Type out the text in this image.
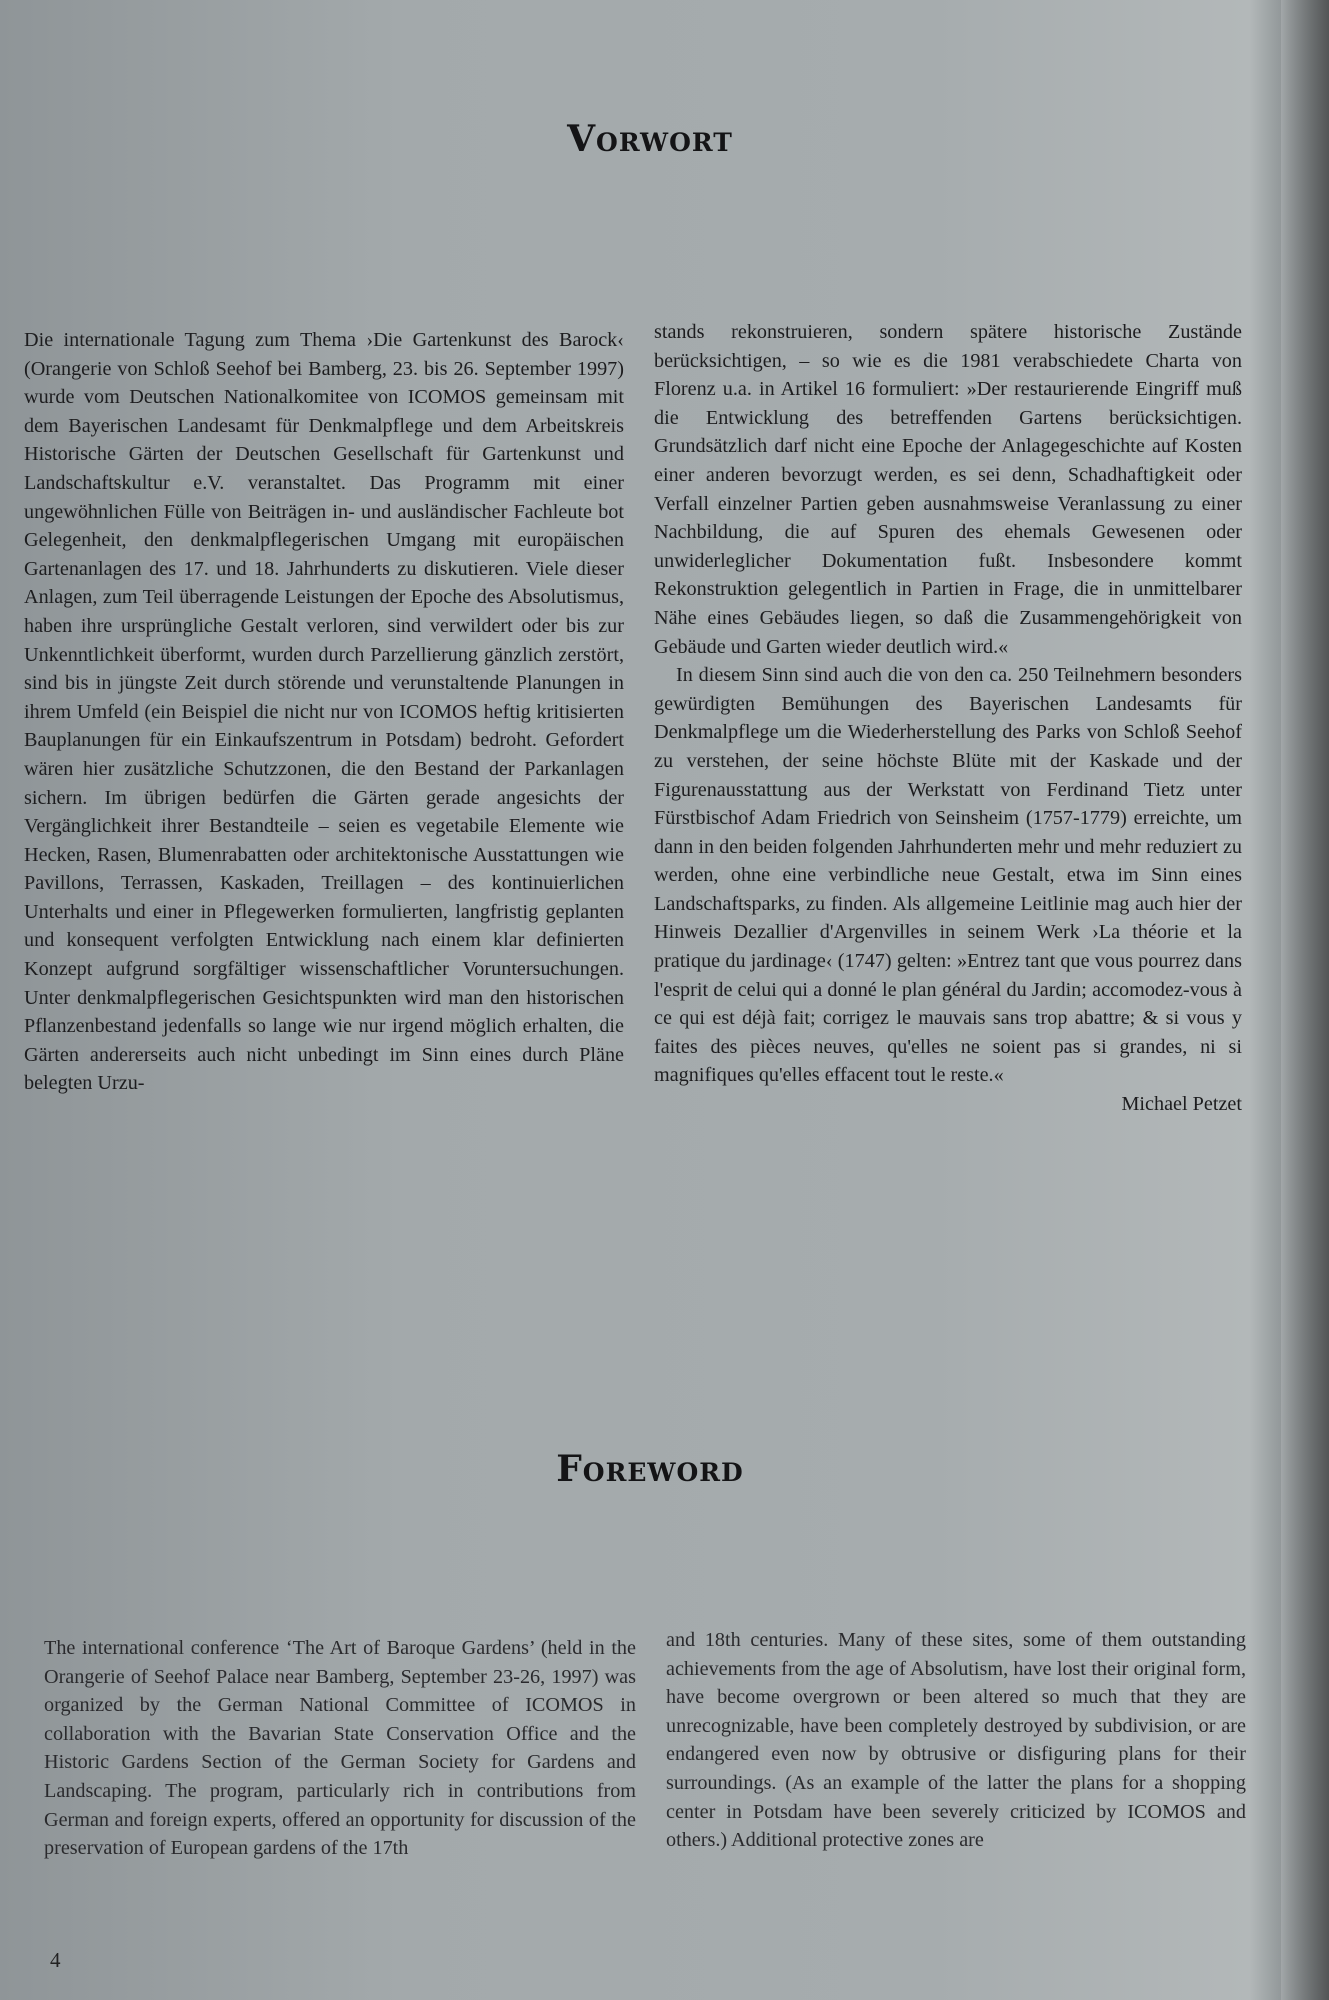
Vorwort

Die internationale Tagung zum Thema ›Die Gartenkunst des Barock‹ (Orangerie von Schloß Seehof bei Bamberg, 23. bis 26. September 1997) wurde vom Deutschen Nationalkomitee von ICOMOS gemeinsam mit dem Bayerischen Landesamt für Denkmalpflege und dem Arbeitskreis Historische Gärten der Deutschen Gesellschaft für Gartenkunst und Landschaftskultur e.V. veranstaltet. Das Programm mit einer ungewöhnlichen Fülle von Beiträgen in- und ausländischer Fachleute bot Gelegenheit, den denkmalpflegerischen Umgang mit europäischen Gartenanlagen des 17. und 18. Jahrhunderts zu diskutieren. Viele dieser Anlagen, zum Teil überragende Leistungen der Epoche des Absolutismus, haben ihre ursprüngliche Gestalt verloren, sind verwildert oder bis zur Unkenntlichkeit überformt, wurden durch Parzellierung gänzlich zerstört, sind bis in jüngste Zeit durch störende und verunstaltende Planungen in ihrem Umfeld (ein Beispiel die nicht nur von ICOMOS heftig kritisierten Bauplanungen für ein Einkaufszentrum in Potsdam) bedroht. Gefordert wären hier zusätzliche Schutzzonen, die den Bestand der Parkanlagen sichern. Im übrigen bedürfen die Gärten gerade angesichts der Vergänglichkeit ihrer Bestandteile – seien es vegetabile Elemente wie Hecken, Rasen, Blumenrabatten oder architektonische Ausstattungen wie Pavillons, Terrassen, Kaskaden, Treillagen – des kontinuierlichen Unterhalts und einer in Pflegewerken formulierten, langfristig geplanten und konsequent verfolgten Entwicklung nach einem klar definierten Konzept aufgrund sorgfältiger wissenschaftlicher Voruntersuchungen. Unter denkmalpflegerischen Gesichtspunkten wird man den historischen Pflanzenbestand jedenfalls so lange wie nur irgend möglich erhalten, die Gärten andererseits auch nicht unbedingt im Sinn eines durch Pläne belegten Urzu-

stands rekonstruieren, sondern spätere historische Zustände berücksichtigen, – so wie es die 1981 verabschiedete Charta von Florenz u.a. in Artikel 16 formuliert: »Der restaurierende Eingriff muß die Entwicklung des betreffenden Gartens berücksichtigen. Grundsätzlich darf nicht eine Epoche der Anlagegeschichte auf Kosten einer anderen bevorzugt werden, es sei denn, Schadhaftigkeit oder Verfall einzelner Partien geben ausnahmsweise Veranlassung zu einer Nachbildung, die auf Spuren des ehemals Gewesenen oder unwiderleglicher Dokumentation fußt. Insbesondere kommt Rekonstruktion gelegentlich in Partien in Frage, die in unmittelbarer Nähe eines Gebäudes liegen, so daß die Zusammengehörigkeit von Gebäude und Garten wieder deutlich wird.«

In diesem Sinn sind auch die von den ca. 250 Teilnehmern besonders gewürdigten Bemühungen des Bayerischen Landesamts für Denkmalpflege um die Wiederherstellung des Parks von Schloß Seehof zu verstehen, der seine höchste Blüte mit der Kaskade und der Figurenausstattung aus der Werkstatt von Ferdinand Tietz unter Fürstbischof Adam Friedrich von Seinsheim (1757-1779) erreichte, um dann in den beiden folgenden Jahrhunderten mehr und mehr reduziert zu werden, ohne eine verbindliche neue Gestalt, etwa im Sinn eines Landschaftsparks, zu finden. Als allgemeine Leitlinie mag auch hier der Hinweis Dezallier d'Argenvilles in seinem Werk ›La théorie et la pratique du jardinage‹ (1747) gelten: »Entrez tant que vous pourrez dans l'esprit de celui qui a donné le plan général du Jardin; accomodez-vous à ce qui est déjà fait; corrigez le mauvais sans trop abattre; & si vous y faites des pièces neuves, qu'elles ne soient pas si grandes, ni si magnifiques qu'elles effacent tout le reste.«

Michael Petzet
Foreword

The international conference ‘The Art of Baroque Gardens’ (held in the Orangerie of Seehof Palace near Bamberg, September 23-26, 1997) was organized by the German National Committee of ICOMOS in collaboration with the Bavarian State Conservation Office and the Historic Gardens Section of the German Society for Gardens and Landscaping. The program, particularly rich in contributions from German and foreign experts, offered an opportunity for discussion of the preservation of European gardens of the 17th

and 18th centuries. Many of these sites, some of them outstanding achievements from the age of Absolutism, have lost their original form, have become overgrown or been altered so much that they are unrecognizable, have been completely destroyed by subdivision, or are endangered even now by obtrusive or disfiguring plans for their surroundings. (As an example of the latter the plans for a shopping center in Potsdam have been severely criticized by ICOMOS and others.) Additional protective zones are

4
